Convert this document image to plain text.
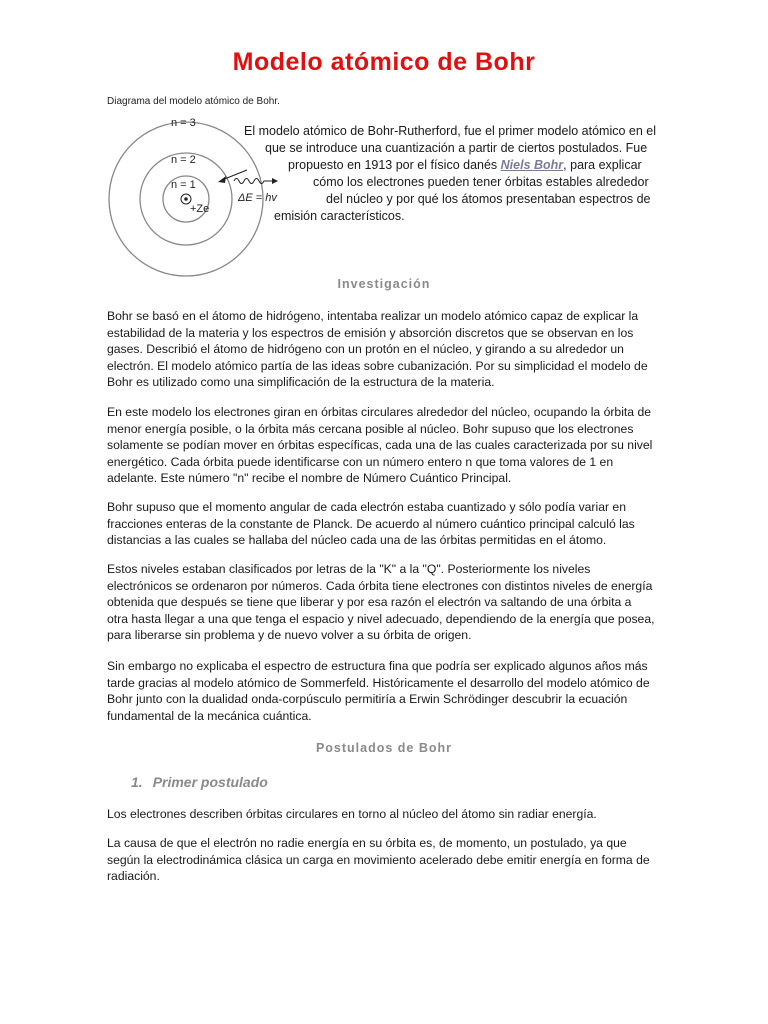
Modelo atómico de Bohr
Diagrama del modelo atómico de Bohr.
n = 3
n = 2
n = 1
+Ze
ΔE = hv
El modelo atómico de Bohr-Rutherford, fue el primer modelo atómico en el
que se introduce una cuantización a partir de ciertos postulados. Fue
propuesto en 1913 por el físico danés Niels Bohr, para explicar
cómo los electrones pueden tener órbitas estables alrededor
del núcleo y por qué los átomos presentaban espectros de
emisión característicos.
Investigación

Bohr se basó en el átomo de hidrógeno, intentaba realizar un modelo atómico capaz de explicar la estabilidad de la materia y los espectros de emisión y absorción discretos que se observan en los gases. Describió el átomo de hidrógeno con un protón en el núcleo, y girando a su alrededor un electrón. El modelo atómico partía de las ideas sobre cubanización. Por su simplicidad el modelo de Bohr es utilizado como una simplificación de la estructura de la materia.

En este modelo los electrones giran en órbitas circulares alrededor del núcleo, ocupando la órbita de menor energía posible, o la órbita más cercana posible al núcleo. Bohr supuso que los electrones solamente se podían mover en órbitas específicas, cada una de las cuales caracterizada por su nivel energético. Cada órbita puede identificarse con un número entero n que toma valores de 1 en adelante. Este número "n" recibe el nombre de Número Cuántico Principal.

Bohr supuso que el momento angular de cada electrón estaba cuantizado y sólo podía variar en fracciones enteras de la constante de Planck. De acuerdo al número cuántico principal calculó las distancias a las cuales se hallaba del núcleo cada una de las órbitas permitidas en el átomo.

Estos niveles estaban clasificados por letras de la "K" a la "Q". Posteriormente los niveles electrónicos se ordenaron por números. Cada órbita tiene electrones con distintos niveles de energía obtenida que después se tiene que liberar y por esa razón el electrón va saltando de una órbita a otra hasta llegar a una que tenga el espacio y nivel adecuado, dependiendo de la energía que posea, para liberarse sin problema y de nuevo volver a su órbita de origen.

Sin embargo no explicaba el espectro de estructura fina que podría ser explicado algunos años más tarde gracias al modelo atómico de Sommerfeld. Históricamente el desarrollo del modelo atómico de Bohr junto con la dualidad onda-corpúsculo permitiría a Erwin Schrödinger descubrir la ecuación fundamental de la mecánica cuántica.

Postulados de Bohr
1. Primer postulado

Los electrones describen órbitas circulares en torno al núcleo del átomo sin radiar energía.

La causa de que el electrón no radie energía en su órbita es, de momento, un postulado, ya que según la electrodinámica clásica un carga en movimiento acelerado debe emitir energía en forma de radiación.
